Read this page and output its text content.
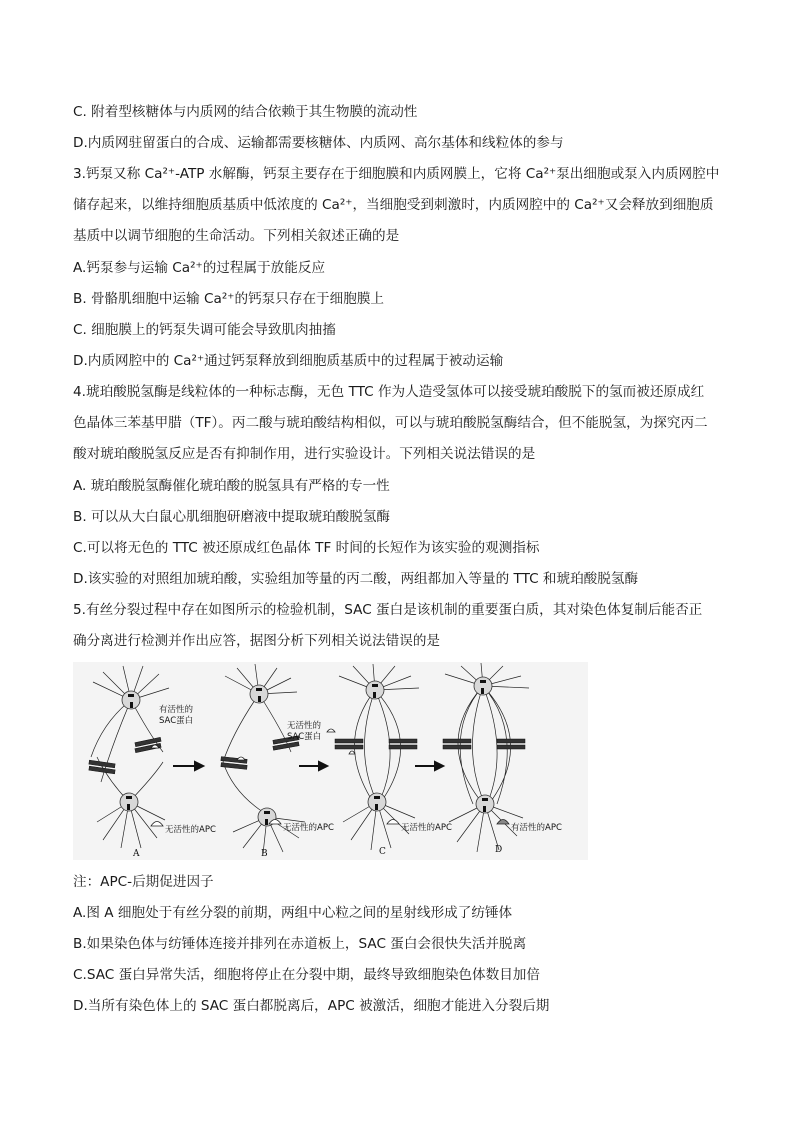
C. 附着型核糖体与内质网的结合依赖于其生物膜的流动性
D.内质网驻留蛋白的合成、运输都需要核糖体、内质网、高尔基体和线粒体的参与
3.钙泵又称 Ca²⁺-ATP 水解酶，钙泵主要存在于细胞膜和内质网膜上，它将 Ca²⁺泵出细胞或泵入内质网腔中
储存起来，以维持细胞质基质中低浓度的 Ca²⁺，当细胞受到刺激时，内质网腔中的 Ca²⁺又会释放到细胞质
基质中以调节细胞的生命活动。下列相关叙述正确的是
A.钙泵参与运输 Ca²⁺的过程属于放能反应
B. 骨骼肌细胞中运输 Ca²⁺的钙泵只存在于细胞膜上
C. 细胞膜上的钙泵失调可能会导致肌肉抽搐
D.内质网腔中的 Ca²⁺通过钙泵释放到细胞质基质中的过程属于被动运输
4.琥珀酸脱氢酶是线粒体的一种标志酶，无色 TTC 作为人造受氢体可以接受琥珀酸脱下的氢而被还原成红
色晶体三苯基甲腊（TF）。丙二酸与琥珀酸结构相似，可以与琥珀酸脱氢酶结合，但不能脱氢，为探究丙二
酸对琥珀酸脱氢反应是否有抑制作用，进行实验设计。下列相关说法错误的是
A. 琥珀酸脱氢酶催化琥珀酸的脱氢具有严格的专一性
B. 可以从大白鼠心肌细胞研磨液中提取琥珀酸脱氢酶
C.可以将无色的 TTC 被还原成红色晶体 TF 时间的长短作为该实验的观测指标
D.该实验的对照组加琥珀酸，实验组加等量的丙二酸，两组都加入等量的 TTC 和琥珀酸脱氢酶
5.有丝分裂过程中存在如图所示的检验机制，SAC 蛋白是该机制的重要蛋白质，其对染色体复制后能否正
确分离进行检测并作出应答，据图分析下列相关说法错误的是
有活性的
SAC蛋白	无活性的
SAC蛋白
无活性的APC	无活性的APC	无活性的APC	有活性的APC
A	B	C	D
注：APC-后期促进因子
A.图 A 细胞处于有丝分裂的前期，两组中心粒之间的星射线形成了纺锤体
B.如果染色体与纺锤体连接并排列在赤道板上，SAC 蛋白会很快失活并脱离
C.SAC 蛋白异常失活，细胞将停止在分裂中期，最终导致细胞染色体数目加倍
D.当所有染色体上的 SAC 蛋白都脱离后，APC 被激活，细胞才能进入分裂后期
